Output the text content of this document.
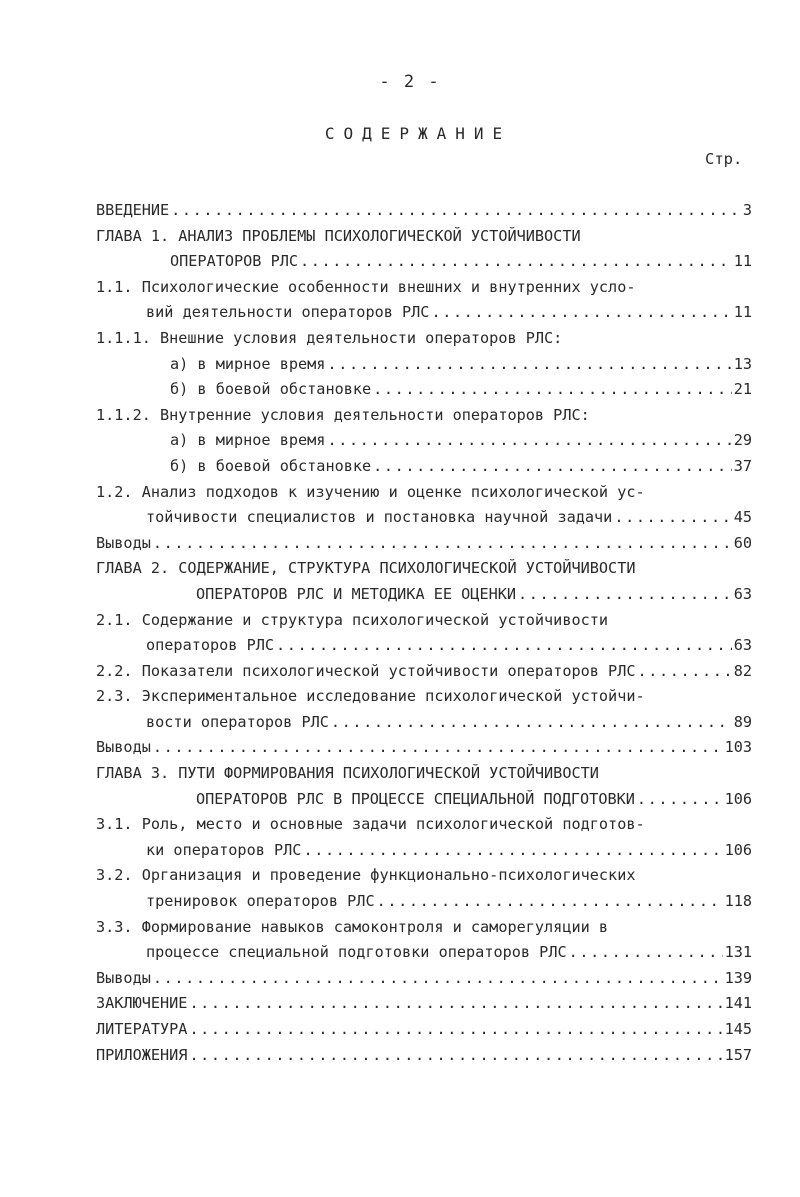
- 2 -
СОДЕРЖАНИЕ
Стр.
ВВЕДЕНИЕ .....	3
ГЛАВА 1. АНАЛИЗ ПРОБЛЕМЫ ПСИХОЛОГИЧЕСКОЙ УСТОЙЧИВОСТИ
ОПЕРАТОРОВ РЛС .....	11
1.1. Психологические особенности внешних и внутренних усло-
вий деятельности операторов РЛС .....	11
1.1.1. Внешние условия деятельности операторов РЛС:
а) в мирное время .....	13
б) в боевой обстановке .....	21
1.1.2. Внутренние условия деятельности операторов РЛС:
а) в мирное время .....	29
б) в боевой обстановке .....	37
1.2. Анализ подходов к изучению и оценке психологической ус-
тойчивости специалистов и постановка научной задачи .....	45
Выводы .....	60
ГЛАВА 2. СОДЕРЖАНИЕ, СТРУКТУРА ПСИХОЛОГИЧЕСКОЙ УСТОЙЧИВОСТИ
ОПЕРАТОРОВ РЛС И МЕТОДИКА ЕЕ ОЦЕНКИ .....	63
2.1. Содержание и структура психологической устойчивости
операторов РЛС .....	63
2.2. Показатели психологической устойчивости операторов РЛС .....	82
2.3. Экспериментальное исследование психологической устойчи-
вости операторов РЛС .....	89
Выводы .....	103
ГЛАВА 3. ПУТИ ФОРМИРОВАНИЯ ПСИХОЛОГИЧЕСКОЙ УСТОЙЧИВОСТИ
ОПЕРАТОРОВ РЛС В ПРОЦЕССЕ СПЕЦИАЛЬНОЙ ПОДГОТОВКИ .....	106
3.1. Роль, место и основные задачи психологической подготов-
ки операторов РЛС .....	106
3.2. Организация и проведение функционально-психологических
тренировок операторов РЛС .....	118
3.3. Формирование навыков самоконтроля и саморегуляции в
процессе специальной подготовки операторов РЛС .....	131
Выводы .....	139
ЗАКЛЮЧЕНИЕ .....	141
ЛИТЕРАТУРА .....	145
ПРИЛОЖЕНИЯ .....	157
